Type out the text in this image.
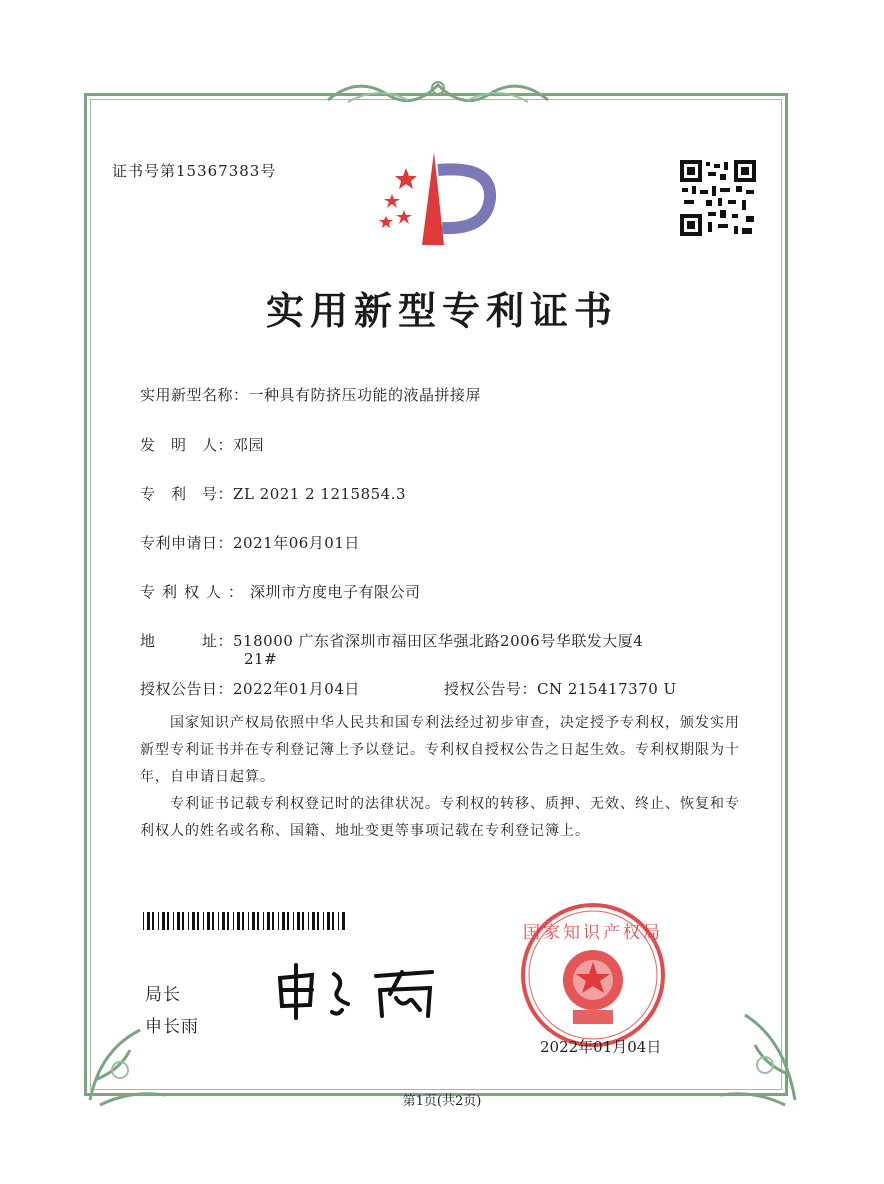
证书号第15367383号
实用新型专利证书
实用新型名称：一种具有防挤压功能的液晶拼接屏
发　明　人：邓园
专　利　号：ZL 2021 2 1215854.3
专利申请日：2021年06月01日
专利权人：深圳市方度电子有限公司
地　　　址：518000 广东省深圳市福田区华强北路2006号华联发大厦4
21#
授权公告日：2022年01月04日	授权公告号：CN 215417370 U
国家知识产权局依照中华人民共和国专利法经过初步审查，决定授予专利权，颁发实用新型专利证书并在专利登记簿上予以登记。专利权自授权公告之日起生效。专利权期限为十年，自申请日起算。
专利证书记载专利权登记时的法律状况。专利权的转移、质押、无效、终止、恢复和专利权人的姓名或名称、国籍、地址变更等事项记载在专利登记簿上。
局长
申长雨
国家知识产权局
2022年01月04日
第1页(共2页)
